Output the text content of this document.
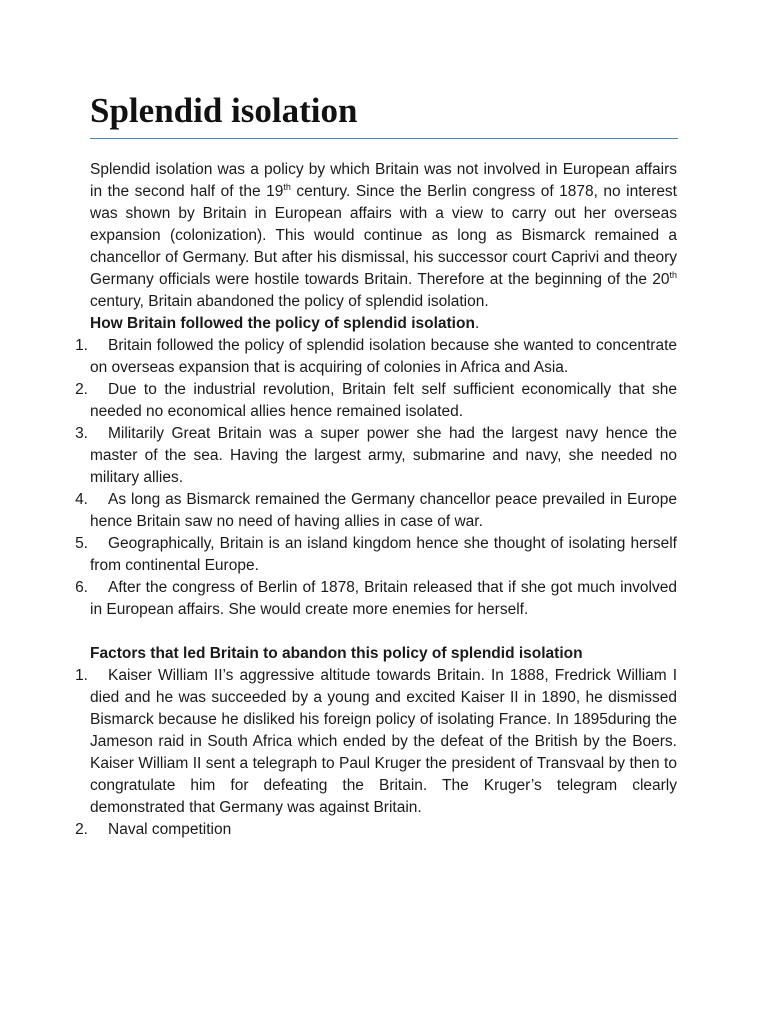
Splendid isolation

Splendid isolation was a policy by which Britain was not involved in European affairs in the second half of the 19th century. Since the Berlin congress of 1878, no interest was shown by Britain in European affairs with a view to carry out her overseas expansion (colonization). This would continue as long as Bismarck remained a chancellor of Germany. But after his dismissal, his successor court Caprivi and theory Germany officials were hostile towards Britain. Therefore at the beginning of the 20th century, Britain abandoned the policy of splendid isolation.

How Britain followed the policy of splendid isolation.

1. Britain followed the policy of splendid isolation because she wanted to concentrate on overseas expansion that is acquiring of colonies in Africa and Asia.
2. Due to the industrial revolution, Britain felt self sufficient economically that she needed no economical allies hence remained isolated.
3. Militarily Great Britain was a super power she had the largest navy hence the master of the sea. Having the largest army, submarine and navy, she needed no military allies.
4. As long as Bismarck remained the Germany chancellor peace prevailed in Europe hence Britain saw no need of having allies in case of war.
5. Geographically, Britain is an island kingdom hence she thought of isolating herself from continental Europe.
6. After the congress of Berlin of 1878, Britain released that if she got much involved in European affairs. She would create more enemies for herself.

Factors that led Britain to abandon this policy of splendid isolation

1. Kaiser William II’s aggressive altitude towards Britain. In 1888, Fredrick William I died and he was succeeded by a young and excited Kaiser II in 1890, he dismissed Bismarck because he disliked his foreign policy of isolating France. In 1895during the Jameson raid in South Africa which ended by the defeat of the British by the Boers. Kaiser William II sent a telegraph to Paul Kruger the president of Transvaal by then to congratulate him for defeating the Britain. The Kruger’s telegram clearly demonstrated that Germany was against Britain.
2. Naval competition
